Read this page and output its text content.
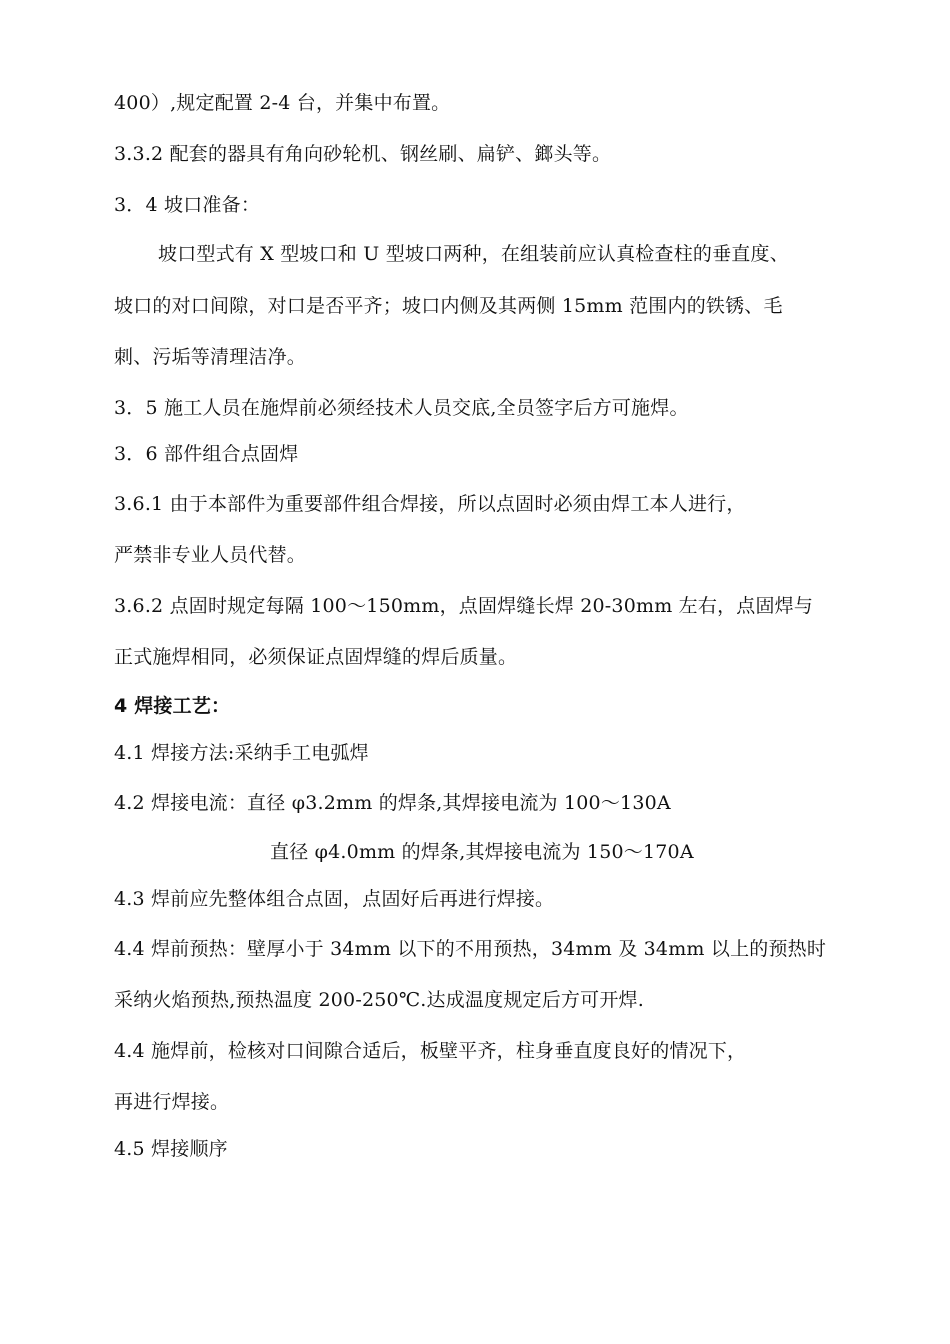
400）,规定配置 2-4 台，并集中布置。
3.3.2 配套的器具有角向砂轮机、钢丝刷、扁铲、鎯头等。
3．4 坡口准备：
坡口型式有 X 型坡口和 U 型坡口两种，在组装前应认真检查柱的垂直度、
坡口的对口间隙，对口是否平齐；坡口内侧及其两侧 15mm 范围内的铁锈、毛
刺、污垢等清理洁净。
3．5 施工人员在施焊前必须经技术人员交底,全员签字后方可施焊。
3．6 部件组合点固焊
3.6.1 由于本部件为重要部件组合焊接，所以点固时必须由焊工本人进行，
严禁非专业人员代替。
3.6.2 点固时规定每隔 100～150mm，点固焊缝长焊 20-30mm 左右，点固焊与
正式施焊相同，必须保证点固焊缝的焊后质量。
4 焊接工艺：
4.1 焊接方法:采纳手工电弧焊
4.2 焊接电流：直径 φ3.2mm 的焊条,其焊接电流为 100～130A
直径 φ4.0mm 的焊条,其焊接电流为 150～170A
4.3 焊前应先整体组合点固，点固好后再进行焊接。
4.4 焊前预热：壁厚小于 34mm 以下的不用预热，34mm 及 34mm 以上的预热时
采纳火焰预热,预热温度 200-250℃.达成温度规定后方可开焊.
4.4 施焊前，检核对口间隙合适后，板壁平齐，柱身垂直度良好的情况下，
再进行焊接。
4.5 焊接顺序
